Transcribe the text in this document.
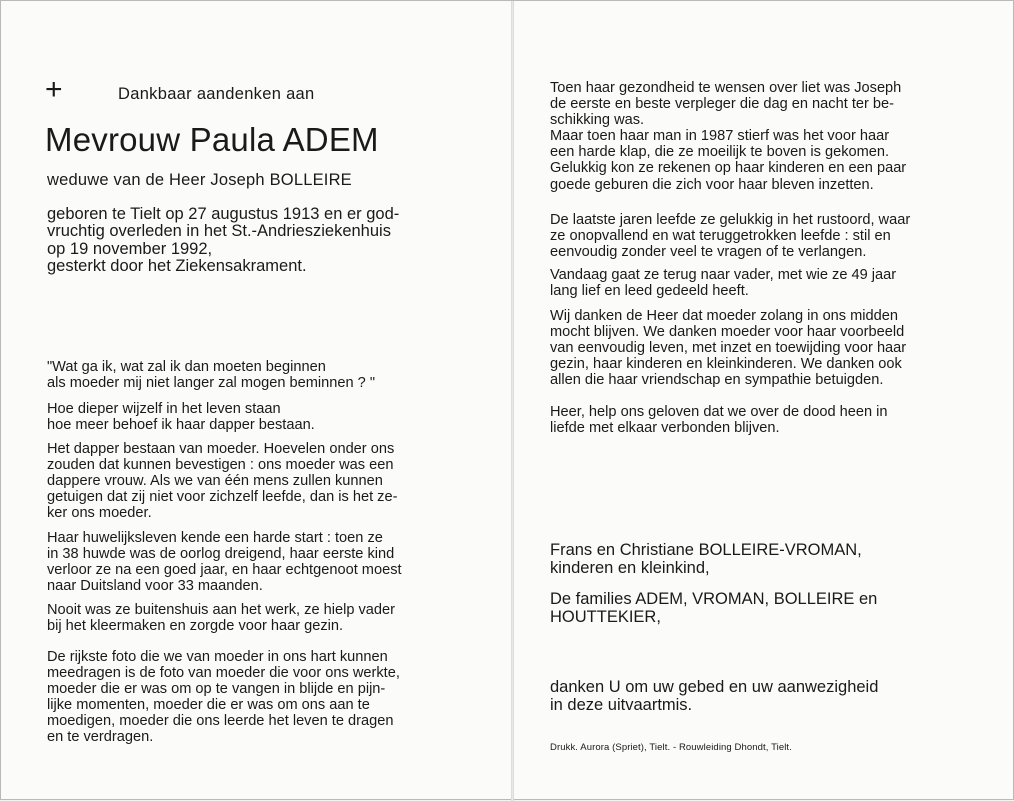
+	Dankbaar aandenken aan
Mevrouw Paula ADEM
weduwe van de Heer Joseph BOLLEIRE
geboren te Tielt op 27 augustus 1913 en er god-
vruchtig overleden in het St.-Andriesziekenhuis
op 19 november 1992,
gesterkt door het Ziekensakrament.
"Wat ga ik, wat zal ik dan moeten beginnen
als moeder mij niet langer zal mogen beminnen ? "
Hoe dieper wijzelf in het leven staan
hoe meer behoef ik haar dapper bestaan.
Het dapper bestaan van moeder. Hoevelen onder ons
zouden dat kunnen bevestigen : ons moeder was een
dappere vrouw. Als we van één mens zullen kunnen
getuigen dat zij niet voor zichzelf leefde, dan is het ze-
ker ons moeder.
Haar huwelijksleven kende een harde start : toen ze
in 38 huwde was de oorlog dreigend, haar eerste kind
verloor ze na een goed jaar, en haar echtgenoot moest
naar Duitsland voor 33 maanden.
Nooit was ze buitenshuis aan het werk, ze hielp vader
bij het kleermaken en zorgde voor haar gezin.
De rijkste foto die we van moeder in ons hart kunnen
meedragen is de foto van moeder die voor ons werkte,
moeder die er was om op te vangen in blijde en pijn-
lijke momenten, moeder die er was om ons aan te
moedigen, moeder die ons leerde het leven te dragen
en te verdragen.
Toen haar gezondheid te wensen over liet was Joseph
de eerste en beste verpleger die dag en nacht ter be-
schikking was.
Maar toen haar man in 1987 stierf was het voor haar
een harde klap, die ze moeilijk te boven is gekomen.
Gelukkig kon ze rekenen op haar kinderen en een paar
goede geburen die zich voor haar bleven inzetten.
De laatste jaren leefde ze gelukkig in het rustoord, waar
ze onopvallend en wat teruggetrokken leefde : stil en
eenvoudig zonder veel te vragen of te verlangen.
Vandaag gaat ze terug naar vader, met wie ze 49 jaar
lang lief en leed gedeeld heeft.
Wij danken de Heer dat moeder zolang in ons midden
mocht blijven. We danken moeder voor haar voorbeeld
van eenvoudig leven, met inzet en toewijding voor haar
gezin, haar kinderen en kleinkinderen. We danken ook
allen die haar vriendschap en sympathie betuigden.
Heer, help ons geloven dat we over de dood heen in
liefde met elkaar verbonden blijven.
Frans en Christiane BOLLEIRE-VROMAN,
kinderen en kleinkind,
De families ADEM, VROMAN, BOLLEIRE en
HOUTTEKIER,
danken U om uw gebed en uw aanwezigheid
in deze uitvaartmis.
Drukk. Aurora (Spriet), Tielt. - Rouwleiding Dhondt, Tielt.
